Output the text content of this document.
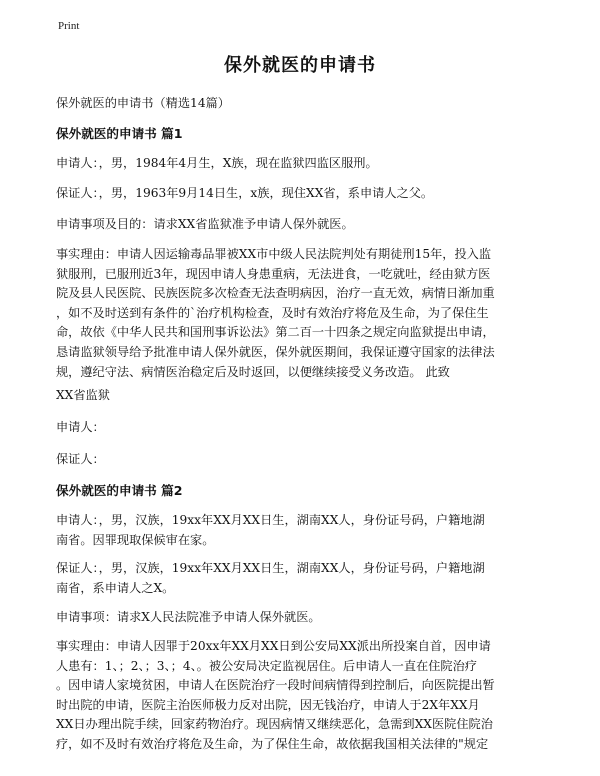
Print
保外就医的申请书
保外就医的申请书（精选14篇）
保外就医的申请书 篇1
申请人：，男，1984年4月生，X族，现在监狱四监区服刑。
保证人：，男，1963年9月14日生，x族，现住XX省，系申请人之父。
申请事项及目的：请求XX省监狱准予申请人保外就医。
事实理由：申请人因运输毒品罪被XX市中级人民法院判处有期徒刑15年，投入监
狱服刑，已服刑近3年，现因申请人身患重病，无法进食，一吃就吐，经由狱方医
院及县人民医院、民族医院多次检查无法查明病因，治疗一直无效，病情日渐加重
，如不及时送到有条件的`治疗机构检查，及时有效治疗将危及生命，为了保住生
命，故依《中华人民共和国刑事诉讼法》第二百一十四条之规定向监狱提出申请，
恳请监狱领导给予批准申请人保外就医，保外就医期间，我保证遵守国家的法律法
规，遵纪守法、病情医治稳定后及时返回，以便继续接受义务改造。 此致
XX省监狱
申请人：
保证人：
保外就医的申请书 篇2
申请人：，男，汉族，19xx年XX月XX日生，湖南XX人，身份证号码，户籍地湖
南省。因罪现取保候审在家。
保证人：，男，汉族，19xx年XX月XX日生，湖南XX人，身份证号码，户籍地湖
南省，系申请人之X。
申请事项：请求X人民法院准予申请人保外就医。
事实理由：申请人因罪于20xx年XX月XX日到公安局XX派出所投案自首，因申请
人患有：1、；2、；3、；4、。被公安局决定监视居住。后申请人一直在住院治疗
。因申请人家境贫困，申请人在医院治疗一段时间病情得到控制后，向医院提出暂
时出院的申请，医院主治医师极力反对出院，因无钱治疗，申请人于2X年XX月
XX日办理出院手续，回家药物治疗。现因病情又继续恶化，急需到XX医院住院治
疗，如不及时有效治疗将危及生命，为了保住生命，故依据我国相关法律的"规定
